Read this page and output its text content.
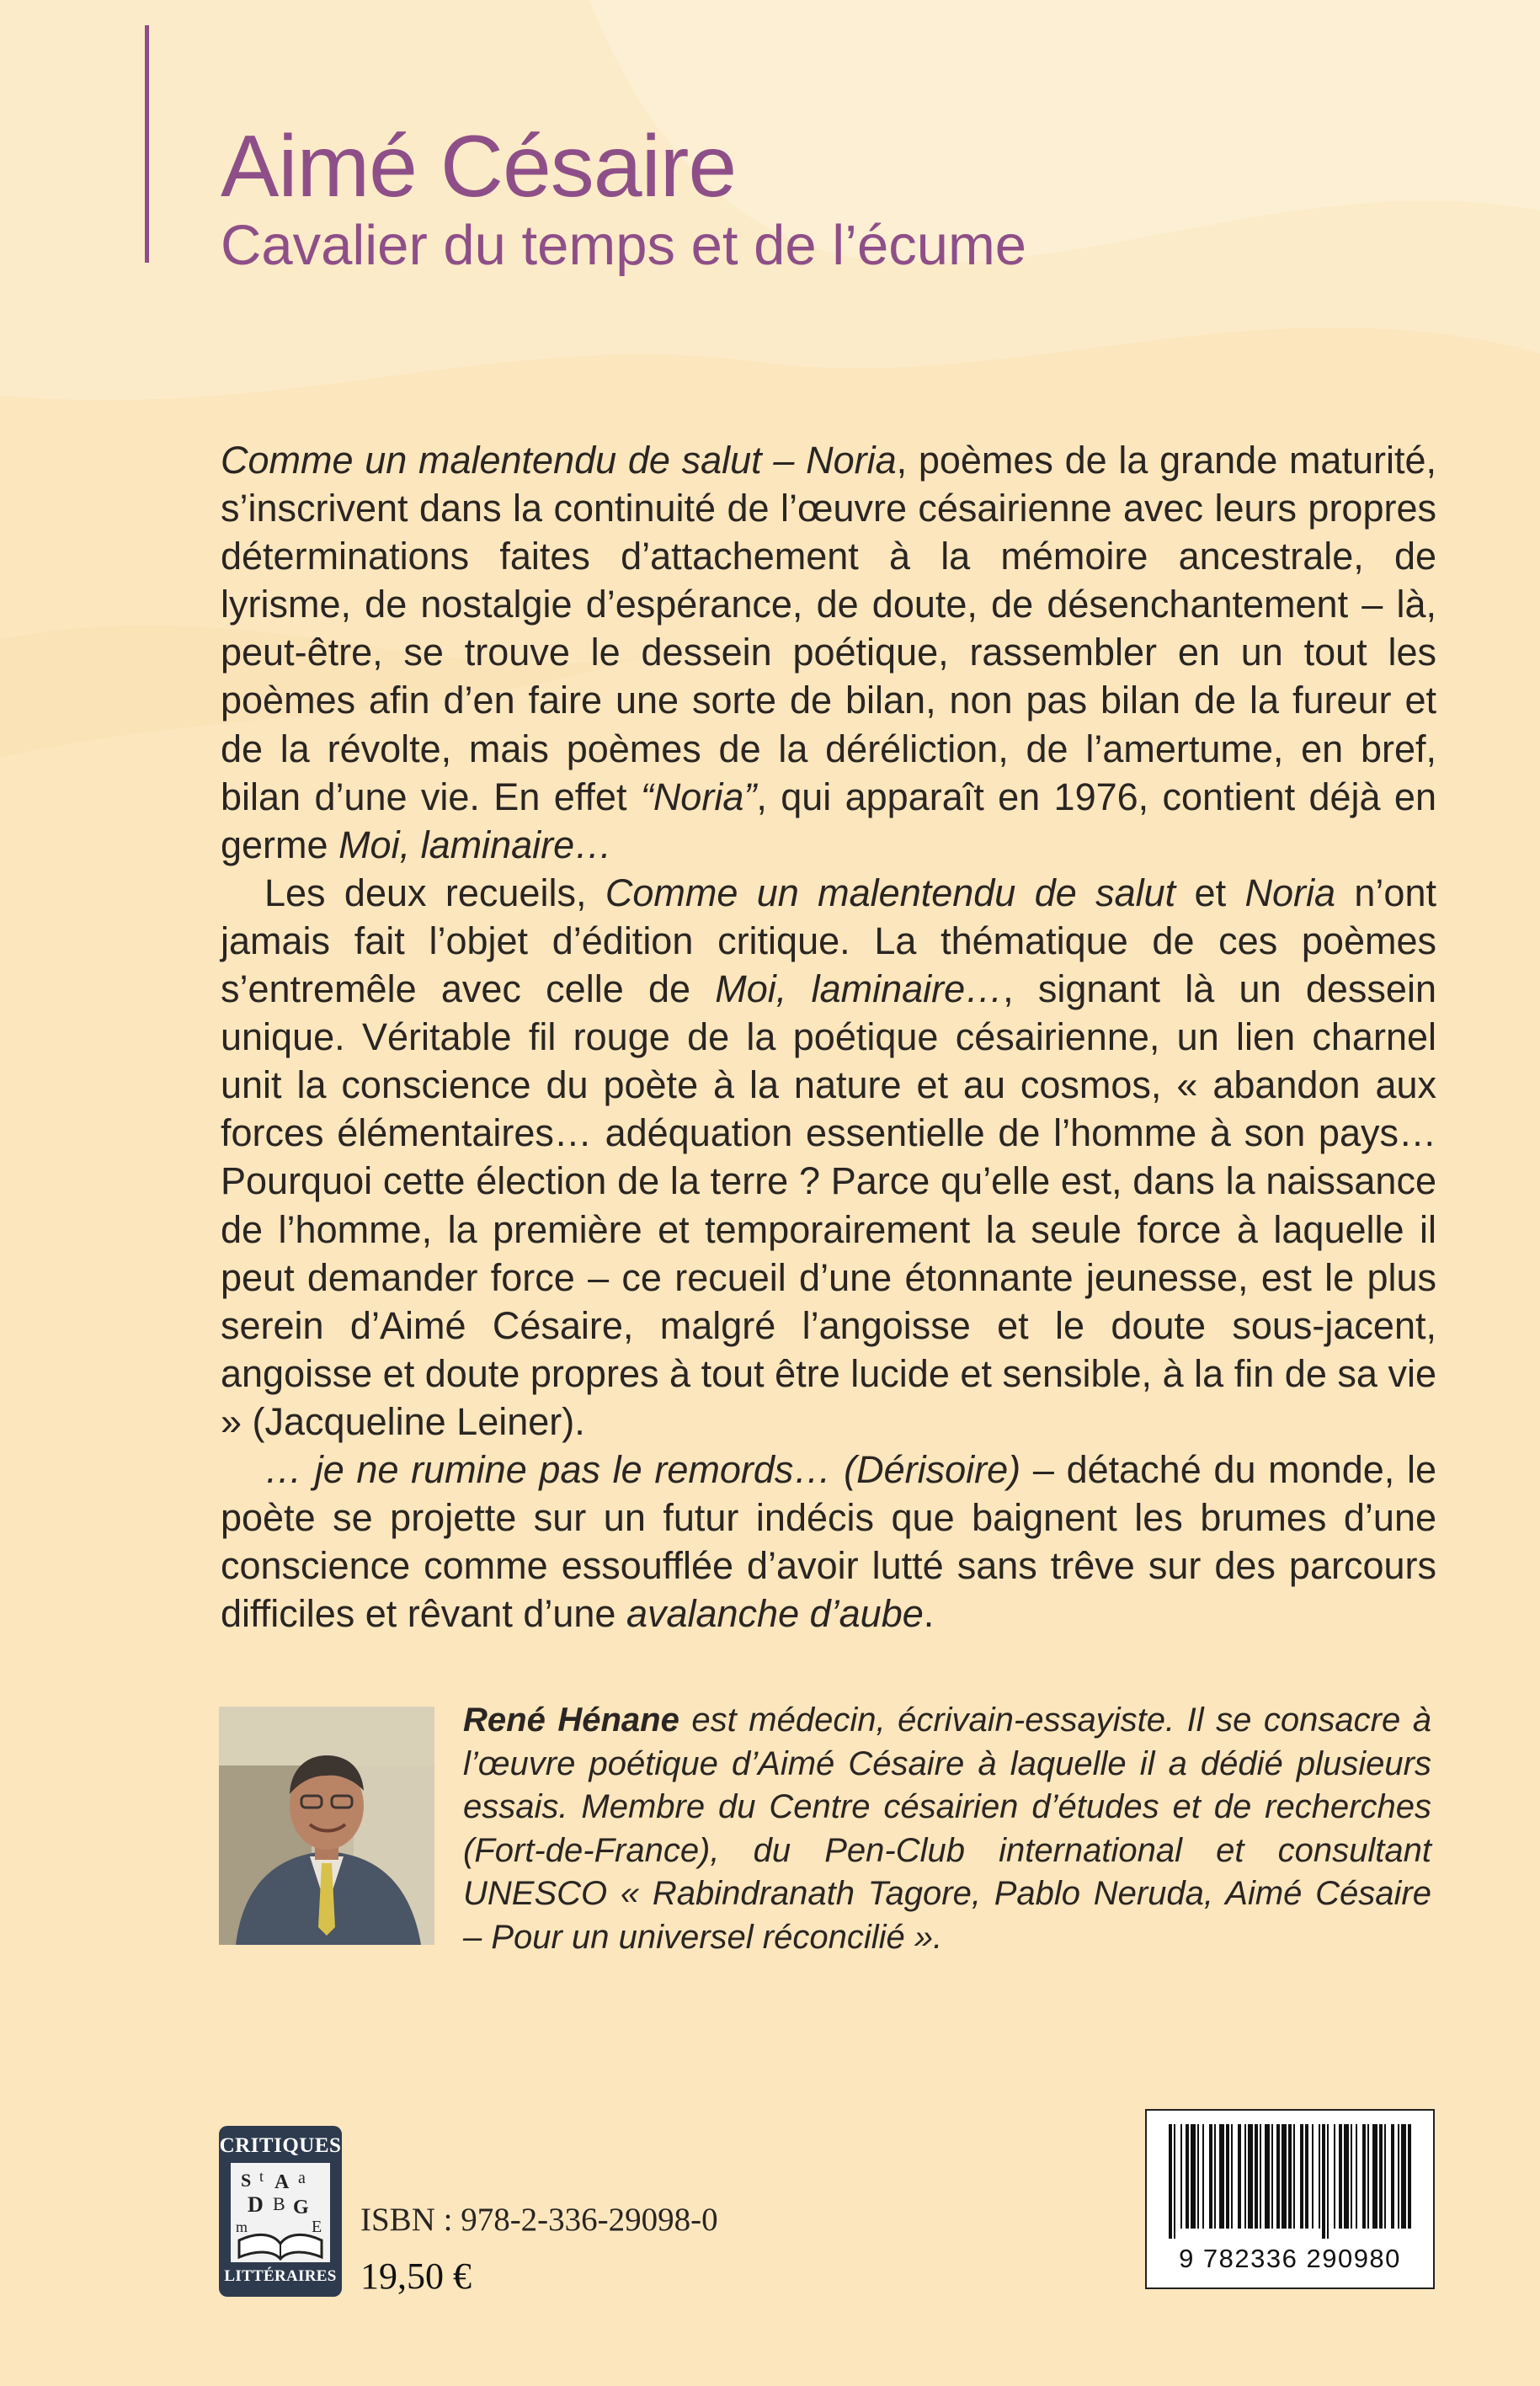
Aimé Césaire
Cavalier du temps et de l’écume

Comme un malentendu de salut – Noria, poèmes de la grande maturité, s’inscrivent dans la continuité de l’œuvre césairienne avec leurs propres déterminations faites d’attachement à la mémoire ancestrale, de lyrisme, de nostalgie d’espérance, de doute, de désenchantement – là, peut-être, se trouve le dessein poétique, rassembler en un tout les poèmes afin d’en faire une sorte de bilan, non pas bilan de la fureur et de la révolte, mais poèmes de la déréliction, de l’amertume, en bref, bilan d’une vie. En effet “Noria”, qui apparaît en 1976, contient déjà en germe Moi, laminaire…

Les deux recueils, Comme un malentendu de salut et Noria n’ont jamais fait l’objet d’édition critique. La thématique de ces poèmes s’entremêle avec celle de Moi, laminaire…, signant là un dessein unique. Véritable fil rouge de la poétique césairienne, un lien charnel unit la conscience du poète à la nature et au cosmos, « abandon aux forces élémentaires… adéquation essentielle de l’homme à son pays… Pourquoi cette élection de la terre ? Parce qu’elle est, dans la naissance de l’homme, la première et temporairement la seule force à laquelle il peut demander force – ce recueil d’une étonnante jeunesse, est le plus serein d’Aimé Césaire, malgré l’angoisse et le doute sous-jacent, angoisse et doute propres à tout être lucide et sensible, à la fin de sa vie » (Jacqueline Leiner).

… je ne rumine pas le remords… (Dérisoire) – détaché du monde, le poète se projette sur un futur indécis que baignent les brumes d’une conscience comme essoufflée d’avoir lutté sans trêve sur des parcours difficiles et rêvant d’une avalanche d’aube.

René Hénane est médecin, écrivain-essayiste. Il se consacre à l’œuvre poétique d’Aimé Césaire à laquelle il a dédié plusieurs essais. Membre du Centre césairien d’études et de recherches (Fort-de-France), du Pen-Club international et consultant UNESCO « Rabindranath Tagore, Pablo Neruda, Aimé Césaire – Pour un universel réconcilié ».

CRITIQUES
S t A a
D B G
m	E
LITTÉRAIRES

ISBN : 978-2-336-29098-0

19,50 €	9 782336 290980
